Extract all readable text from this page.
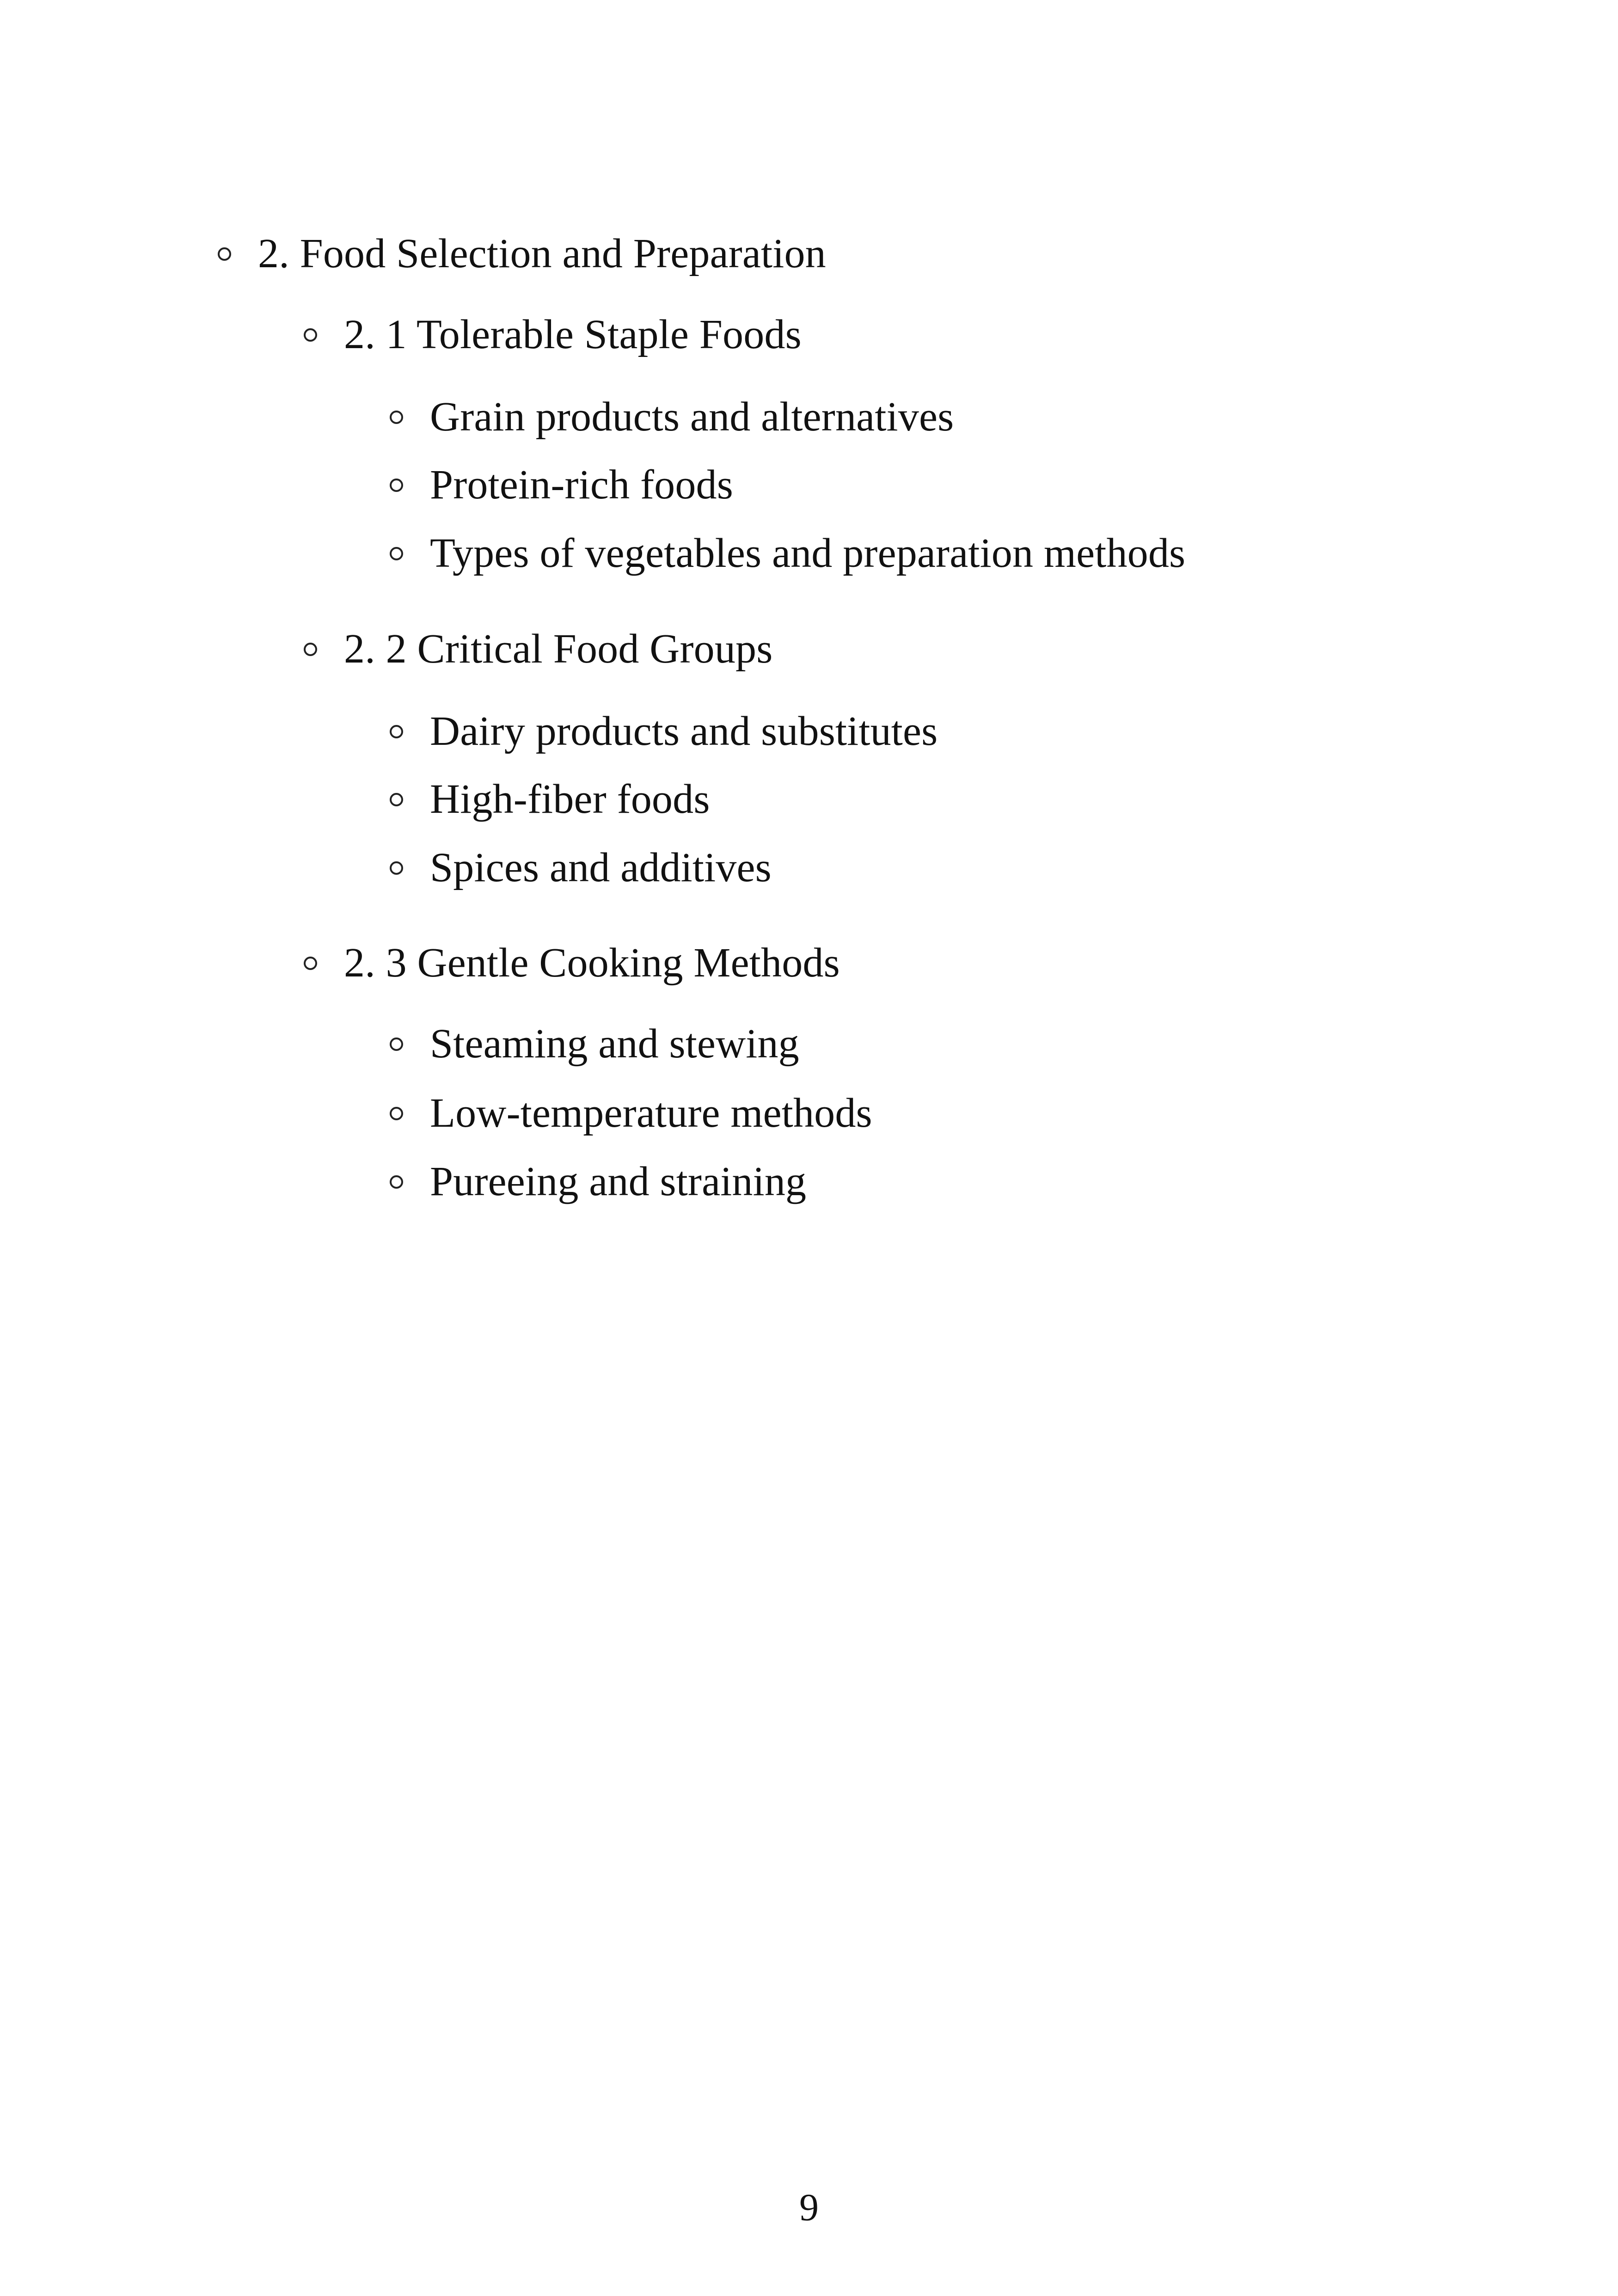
2. Food Selection and Preparation
2. 1 Tolerable Staple Foods
Grain products and alternatives
Protein-rich foods
Types of vegetables and preparation methods
2. 2 Critical Food Groups
Dairy products and substitutes
High-fiber foods
Spices and additives
2. 3 Gentle Cooking Methods
Steaming and stewing
Low-temperature methods
Pureeing and straining
9
